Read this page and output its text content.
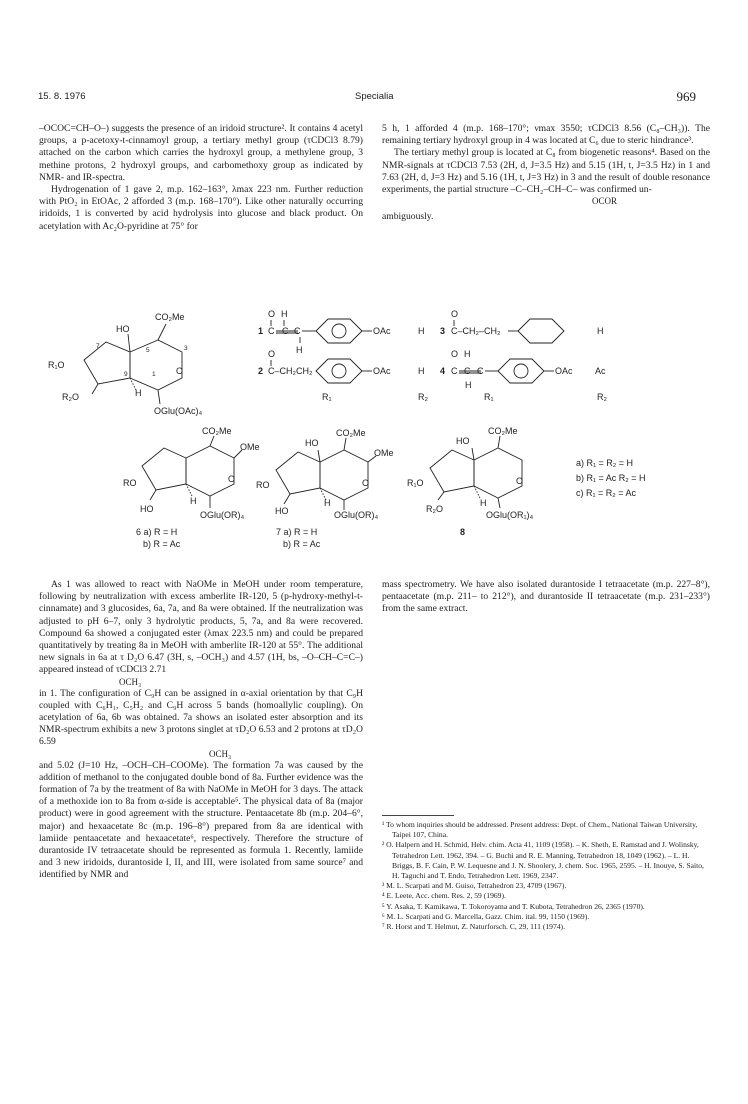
15. 8. 1976	Specialia	969

–OCOC=CH–O–) suggests the presence of an iridoid structure². It contains 4 acetyl groups, a p-acetoxy-t-cinnamoyl group, a tertiary methyl group (τCDCl3 8.79) attached on the carbon which carries the hydroxyl group, a methylene group, 3 methine protons, 2 hydroxyl groups, and carbomethoxy group as indicated by NMR- and IR-spectra.

Hydrogenation of 1 gave 2, m.p. 162–163°, λmax 223 nm. Further reduction with PtO₂ in EtOAc, 2 afforded 3 (m.p. 168–170°). Like other naturally occurring iridoids, 1 is converted by acid hydrolysis into glucose and black product. On acetylation with Ac₂O-pyridine at 75° for

5 h, 1 afforded 4 (m.p. 168–170°; νmax 3550; τCDCl3 8.56 (C₈–CH₃)). The remaining tertiary hydroxyl group in 4 was located at C₆ due to steric hindrance³.

The tertiary methyl group is located at C₈ from biogenetic reasons⁴. Based on the NMR-signals at τCDCl3 7.53 (2H, d, J=3.5 Hz) and 5.15 (1H, t, J=3.5 Hz) in 1 and 7.63 (2H, d, J=3 Hz) and 5.16 (1H, t, J=3 Hz) in 3 and the result of double resonance experiments, the partial structure –C–CH₂–CH–C– was confirmed un-

OCOR
ambiguously.
CO₂Me
HO
R₁O
R₂O	H
OGlu(OAc)₄
5	3
7
9	1 O
1
O H
C C C
H
OAc	H 3
O
C–CH₂–CH₂	H
2
O
C–CH₂CH₂	OAc	H 4
O H
C C C
H
OAc Ac
R₁	R₂	R₁	R₂
CO₂Me
OMe
RO
HO
H
OGlu(OR)₄
O
CO₂Me
HO
OMe
RO
HO
H
OGlu(OR)₄
O
CO₂Me
HO
R₁O
R₂O
H
OGlu(OR₁)₄
O
a) R₁ = R₂ = H
b) R₁ = Ac R₂ = H
c) R₁ = R₂ = Ac
6 a) R = H
b) R = Ac
7 a) R = H
b) R = Ac
8

As 1 was allowed to react with NaOMe in MeOH under room temperature, following by neutralization with excess amberlite IR-120, 5 (p-hydroxy-methyl-t-cinnamate) and 3 glucosides, 6a, 7a, and 8a were obtained. If the neutralization was adjusted to pH 6–7, only 3 hydrolytic products, 5, 7a, and 8a were recovered. Compound 6a showed a conjugated ester (λmax 223.5 nm) and could be prepared quantitatively by treating 8a in MeOH with amberlite IR-120 at 55°. The additional new signals in 6a at τ D₂O 6.47 (3H, s, –OCH₃) and 4.57 (1H, bs, –O–CH–C=C–) appeared instead of τCDCl3 2.71

OCH₃

in 1. The configuration of C₉H can be assigned in α-axial orientation by that C₉H coupled with C₆H₁, C₅H₂ and C₉H across 5 bands (homoallylic coupling). On acetylation of 6a, 6b was obtained. 7a shows an isolated ester absorption and its NMR-spectrum exhibits a new 3 protons singlet at τD₂O 6.53 and 2 protons at τD₂O 6.59

OCH₃

and 5.02 (J=10 Hz, –OCH–CH–COOMe). The formation 7a was caused by the addition of methanol to the conjugated double bond of 8a. Further evidence was the formation of 7a by the treatment of 8a with NaOMe in MeOH for 3 days. The attack of a methoxide ion to 8a from α-side is acceptable⁵. The physical data of 8a (major product) were in good agreement with the structure. Pentaacetate 8b (m.p. 204–6°, major) and hexaacetate 8c (m.p. 196–8°) prepared from 8a are identical with lamiide pentaacetate and hexaacetate⁶, respectively. Therefore the structure of durantoside IV tetraacetate should be represented as formula 1. Recently, lamiide and 3 new iridoids, durantoside I, II, and III, were isolated from same source⁷ and identified by NMR and

mass spectrometry. We have also isolated durantoside I tetraacetate (m.p. 227–8°), pentaacetate (m.p. 211– to 212°), and durantoside II tetraacetate (m.p. 231–233°) from the same extract.

¹ To whom inquiries should be addressed. Present address: Dept. of Chem., National Taiwan University, Taipei 107, China.

² O. Halpern and H. Schmid, Helv. chim. Acta 41, 1109 (1958). – K. Sheth, E. Ramstad and J. Wolinsky, Tetrahedron Lett. 1962, 394. – G. Buchi and R. E. Manning, Tetrahedron 18, 1049 (1962). – L. H. Briggs, B. F. Cain, P. W. Lequesne and J. N. Shoolery, J. chem. Soc. 1965, 2595. – H. Inouye, S. Saito, H. Taguchi and T. Endo, Tetrahedron Lett. 1969, 2347.

³ M. L. Scarpati and M. Guiso, Tetrahedron 23, 4709 (1967).

⁴ E. Leete, Acc. chem. Res. 2, 59 (1969).

⁵ Y. Asaka, T. Kamikawa, T. Tokoroyama and T. Kubota, Tetrahedron 26, 2365 (1970).

⁶ M. L. Scarpati and G. Marcella, Gazz. Chim. ital. 99, 1150 (1969).

⁷ R. Horst and T. Helmut, Z. Naturforsch. C, 29, 111 (1974).
